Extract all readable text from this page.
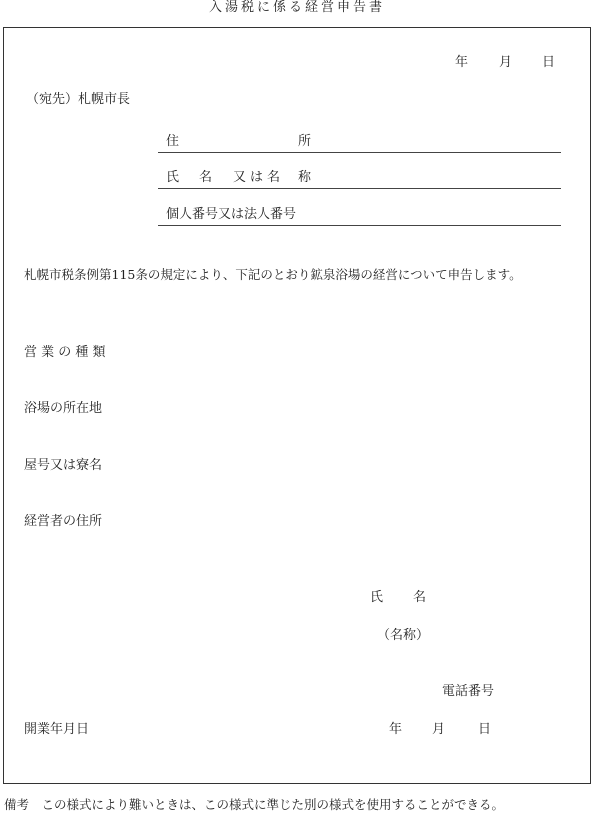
入湯税に係る経営申告書
年 月 日
（宛先）札幌市長
住	所
氏 名 又は名 称
個人番号又は法人番号
札幌市税条例第115条の規定により、下記のとおり鉱泉浴場の経営について申告します。
営 業 の 種 類
浴場の所在地
屋号又は寮名
経営者の住所
氏 名
（名称）
電話番号
開業年月日	年 月	日
備考　この様式により難いときは、この様式に準じた別の様式を使用することができる。
